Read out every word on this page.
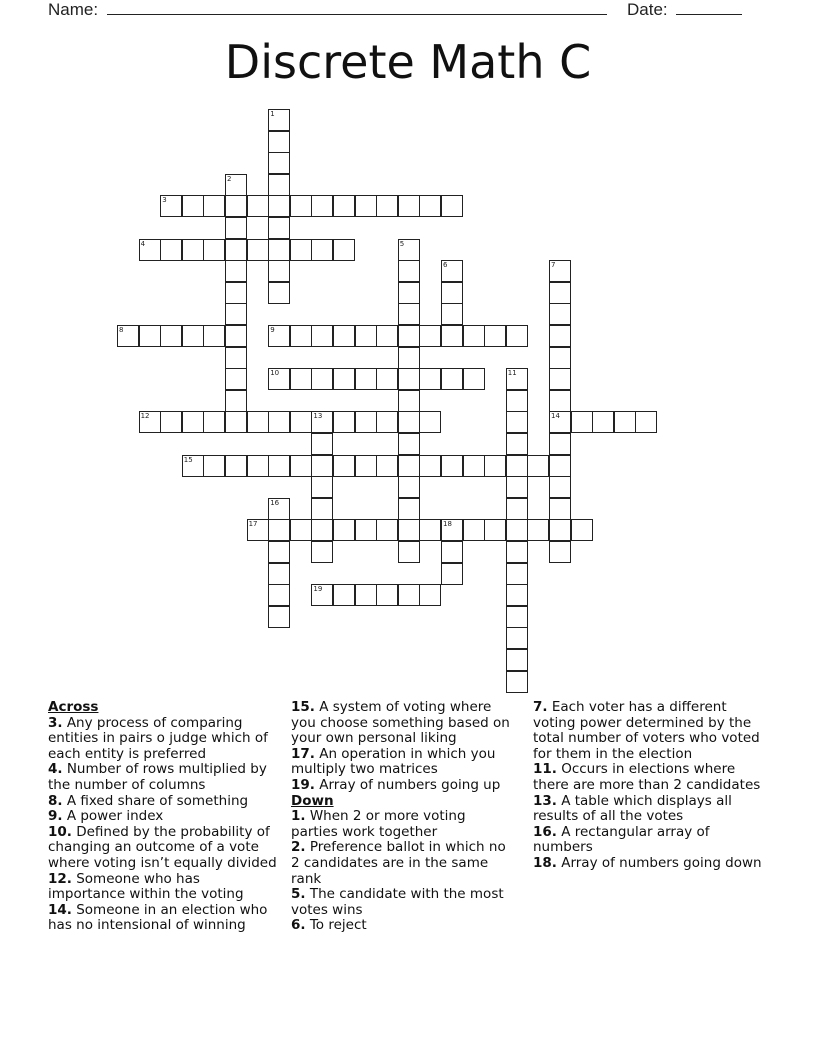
Name:	Date:
Discrete Math C
3
4
8	9
10
12	13	14
15
17	18
19
1
2
5
6	7
11
16
Across
3. Any process of comparing entities in pairs o judge which of each entity is preferred
4. Number of rows multiplied by the number of columns
8. A fixed share of something
9. A power index
10. Defined by the probability of changing an outcome of a vote where voting isn’t equally divided
12. Someone who has importance within the voting
14. Someone in an election who has no intensional of winning
15. A system of voting where you choose something based on your own personal liking
17. An operation in which you multiply two matrices
19. Array of numbers going up
Down
1. When 2 or more voting parties work together
2. Preference ballot in which no 2 candidates are in the same rank
5. The candidate with the most votes wins
6. To reject
7. Each voter has a different voting power determined by the total number of voters who voted for them in the election
11. Occurs in elections where there are more than 2 candidates
13. A table which displays all results of all the votes
16. A rectangular array of numbers
18. Array of numbers going down
